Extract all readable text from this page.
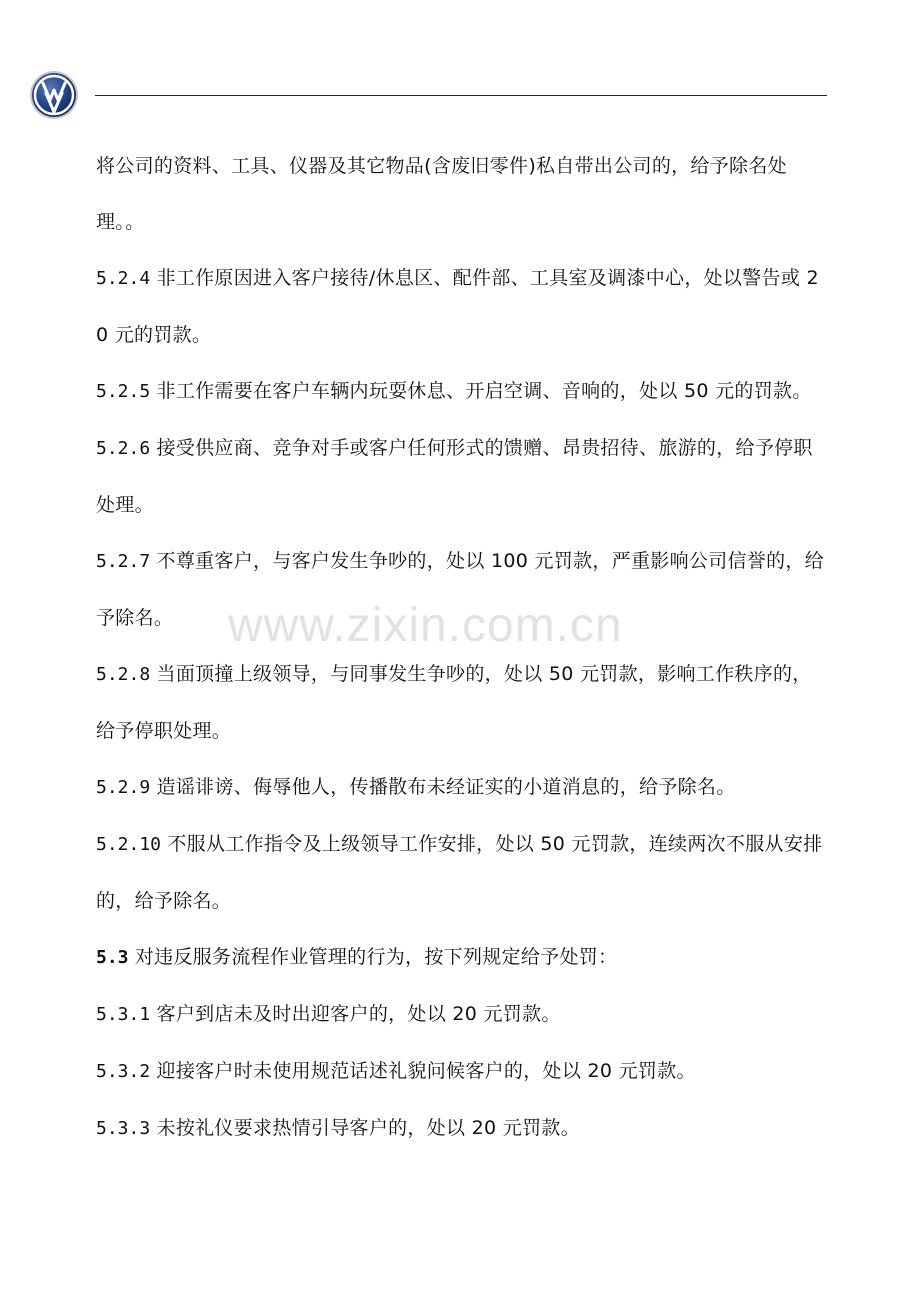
将公司的资料、工具、仪器及其它物品(含废旧零件)私自带出公司的，给予除名处理。。

5.2.4 非工作原因进入客户接待/休息区、配件部、工具室及调漆中心，处以警告或 20 元的罚款。

5.2.5 非工作需要在客户车辆内玩耍休息、开启空调、音响的，处以 50 元的罚款。

5.2.6 接受供应商、竞争对手或客户任何形式的馈赠、昂贵招待、旅游的，给予停职处理。

5.2.7 不尊重客户，与客户发生争吵的，处以 100 元罚款，严重影响公司信誉的，给予除名。

5.2.8 当面顶撞上级领导，与同事发生争吵的，处以 50 元罚款，影响工作秩序的，给予停职处理。

5.2.9 造谣诽谤、侮辱他人，传播散布未经证实的小道消息的，给予除名。

5.2.10 不服从工作指令及上级领导工作安排，处以 50 元罚款，连续两次不服从安排的，给予除名。

5.3 对违反服务流程作业管理的行为，按下列规定给予处罚：

5.3.1 客户到店未及时出迎客户的，处以 20 元罚款。

5.3.2 迎接客户时未使用规范话述礼貌问候客户的，处以 20 元罚款。

5.3.3 未按礼仪要求热情引导客户的，处以 20 元罚款。

www.zixin.com.cn
